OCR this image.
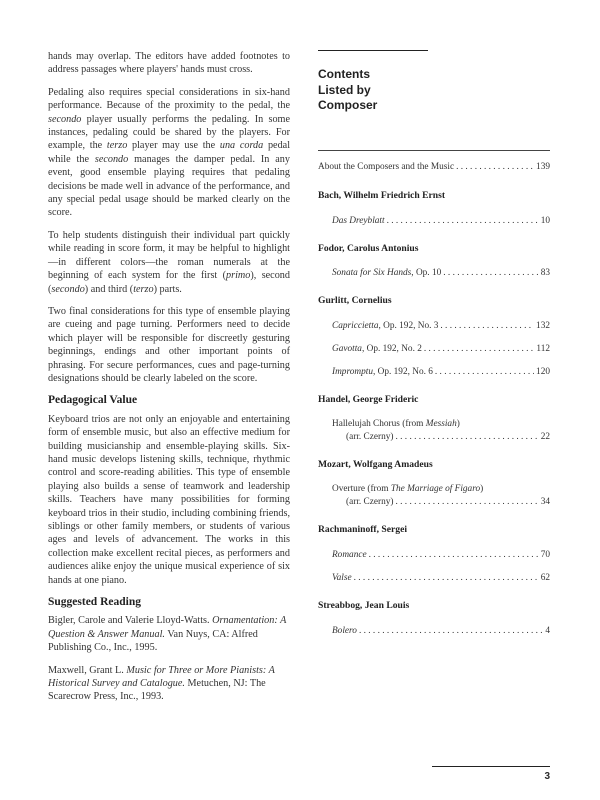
hands may overlap. The editors have added footnotes to address passages where players' hands must cross.

Pedaling also requires special considerations in six-hand performance. Because of the proximity to the pedal, the secondo player usually performs the pedaling. In some instances, pedaling could be shared by the players. For example, the terzo player may use the una corda pedal while the secondo manages the damper pedal. In any event, good ensemble playing requires that pedaling decisions be made well in advance of the performance, and any special pedal usage should be marked clearly on the score.

To help students distinguish their individual part quickly while reading in score form, it may be helpful to highlight—in different colors—the roman numerals at the beginning of each system for the first (primo), second (secondo) and third (terzo) parts.

Two final considerations for this type of ensemble playing are cueing and page turning. Performers need to decide which player will be responsible for discreetly gesturing beginnings, endings and other important points of phrasing. For secure performances, cues and page-turning designations should be clearly labeled on the score.

Pedagogical Value

Keyboard trios are not only an enjoyable and entertaining form of ensemble music, but also an effective medium for building musicianship and ensemble-playing skills. Six-hand music develops listening skills, technique, rhythmic control and score-reading abilities. This type of ensemble playing also builds a sense of teamwork and leadership skills. Teachers have many possibilities for forming keyboard trios in their studio, including combining friends, siblings or other family members, or students of various ages and levels of advancement. The works in this collection make excellent recital pieces, as performers and audiences alike enjoy the unique musical experience of six hands at one piano.

Suggested Reading

Bigler, Carole and Valerie Lloyd-Watts. Ornamentation: A Question & Answer Manual. Van Nuys, CA: Alfred Publishing Co., Inc., 1995.

Maxwell, Grant L. Music for Three or More Pianists: A Historical Survey and Catalogue. Metuchen, NJ: The Scarecrow Press, Inc., 1993.

Contents
Listed by
Composer
About the Composers and the Music . . .	139
Bach, Wilhelm Friedrich Ernst
Das Dreyblatt . . .	10
Fodor, Carolus Antonius
Sonata for Six Hands, Op. 10 . . .	83
Gurlitt, Cornelius
Capriccietta, Op. 192, No. 3 . . .	132
Gavotta, Op. 192, No. 2 . . .	112
Impromptu, Op. 192, No. 6 . . .	120
Handel, George Frideric
Hallelujah Chorus (from Messiah)
(arr. Czerny) . . .	22
Mozart, Wolfgang Amadeus
Overture (from The Marriage of Figaro)
(arr. Czerny) . . .	34
Rachmaninoff, Sergei
Romance . . .	70
Valse . . .	62
Streabbog, Jean Louis
Bolero . . .	4
3
